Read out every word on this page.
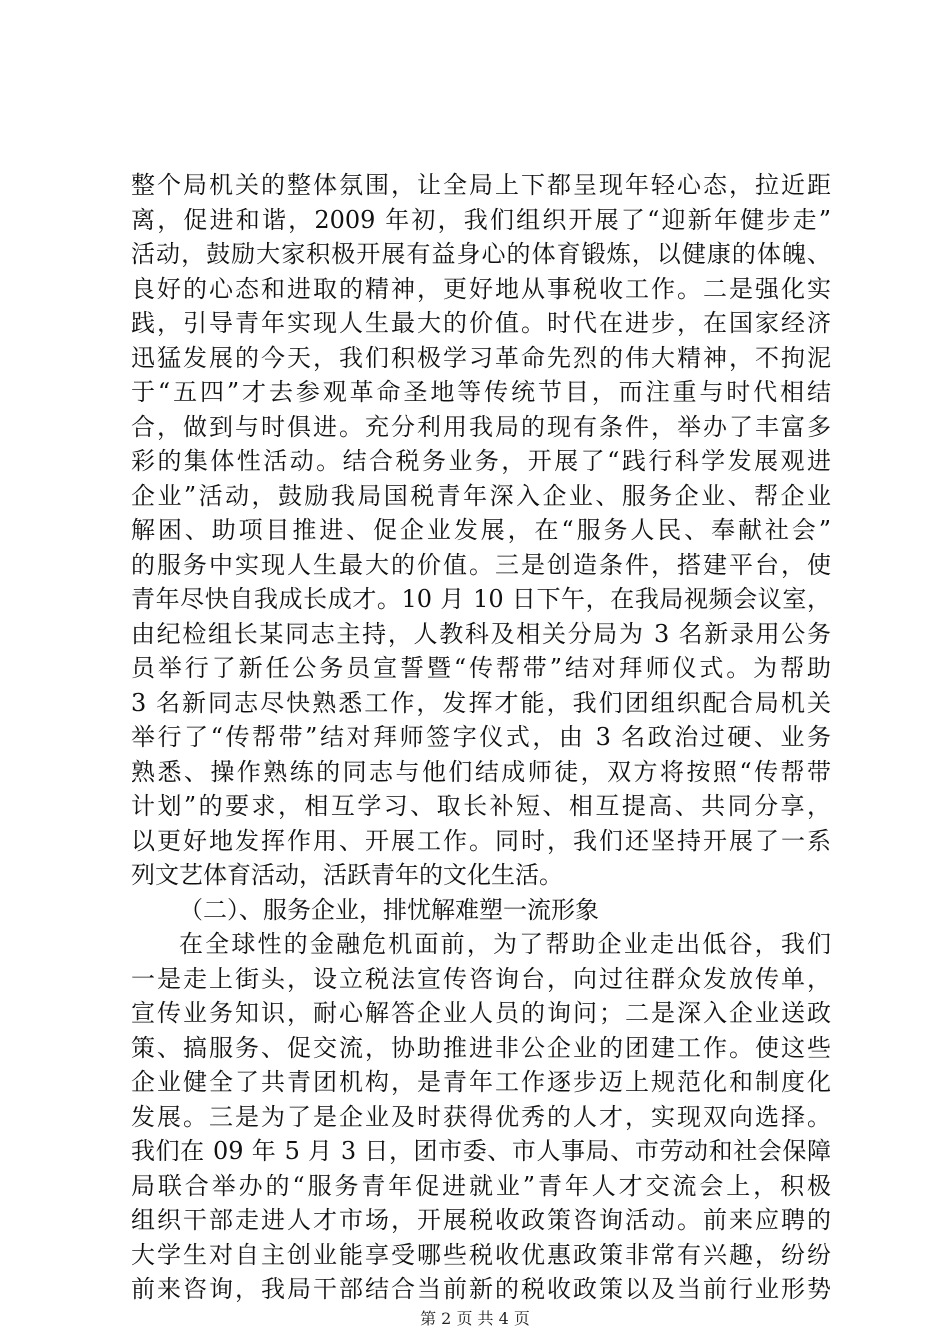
整个局机关的整体氛围，让全局上下都呈现年轻心态，拉近距
离，促进和谐，2009 年初，我们组织开展了“迎新年健步走”
活动，鼓励大家积极开展有益身心的体育锻炼，以健康的体魄、
良好的心态和进取的精神，更好地从事税收工作。二是强化实
践，引导青年实现人生最大的价值。时代在进步，在国家经济
迅猛发展的今天，我们积极学习革命先烈的伟大精神，不拘泥
于“五四”才去参观革命圣地等传统节目，而注重与时代相结
合，做到与时俱进。充分利用我局的现有条件，举办了丰富多
彩的集体性活动。结合税务业务，开展了“践行科学发展观进
企业”活动，鼓励我局国税青年深入企业、服务企业、帮企业
解困、助项目推进、促企业发展，在“服务人民、奉献社会”
的服务中实现人生最大的价值。三是创造条件，搭建平台，使
青年尽快自我成长成才。10 月 10 日下午，在我局视频会议室，
由纪检组长某同志主持，人教科及相关分局为 3 名新录用公务
员举行了新任公务员宣誓暨“传帮带”结对拜师仪式。为帮助
3 名新同志尽快熟悉工作，发挥才能，我们团组织配合局机关
举行了“传帮带”结对拜师签字仪式，由 3 名政治过硬、业务
熟悉、操作熟练的同志与他们结成师徒，双方将按照“传帮带
计划”的要求，相互学习、取长补短、相互提高、共同分享，
以更好地发挥作用、开展工作。同时，我们还坚持开展了一系
列文艺体育活动，活跃青年的文化生活。
（二）、服务企业，排忧解难塑一流形象
在全球性的金融危机面前，为了帮助企业走出低谷，我们
一是走上街头，设立税法宣传咨询台，向过往群众发放传单，
宣传业务知识，耐心解答企业人员的询问；二是深入企业送政
策、搞服务、促交流，协助推进非公企业的团建工作。使这些
企业健全了共青团机构，是青年工作逐步迈上规范化和制度化
发展。三是为了是企业及时获得优秀的人才，实现双向选择。
我们在 09 年 5 月 3 日，团市委、市人事局、市劳动和社会保障
局联合举办的“服务青年促进就业”青年人才交流会上，积极
组织干部走进人才市场，开展税收政策咨询活动。前来应聘的
大学生对自主创业能享受哪些税收优惠政策非常有兴趣，纷纷
前来咨询，我局干部结合当前新的税收政策以及当前行业形势
第 2 页 共 4 页
